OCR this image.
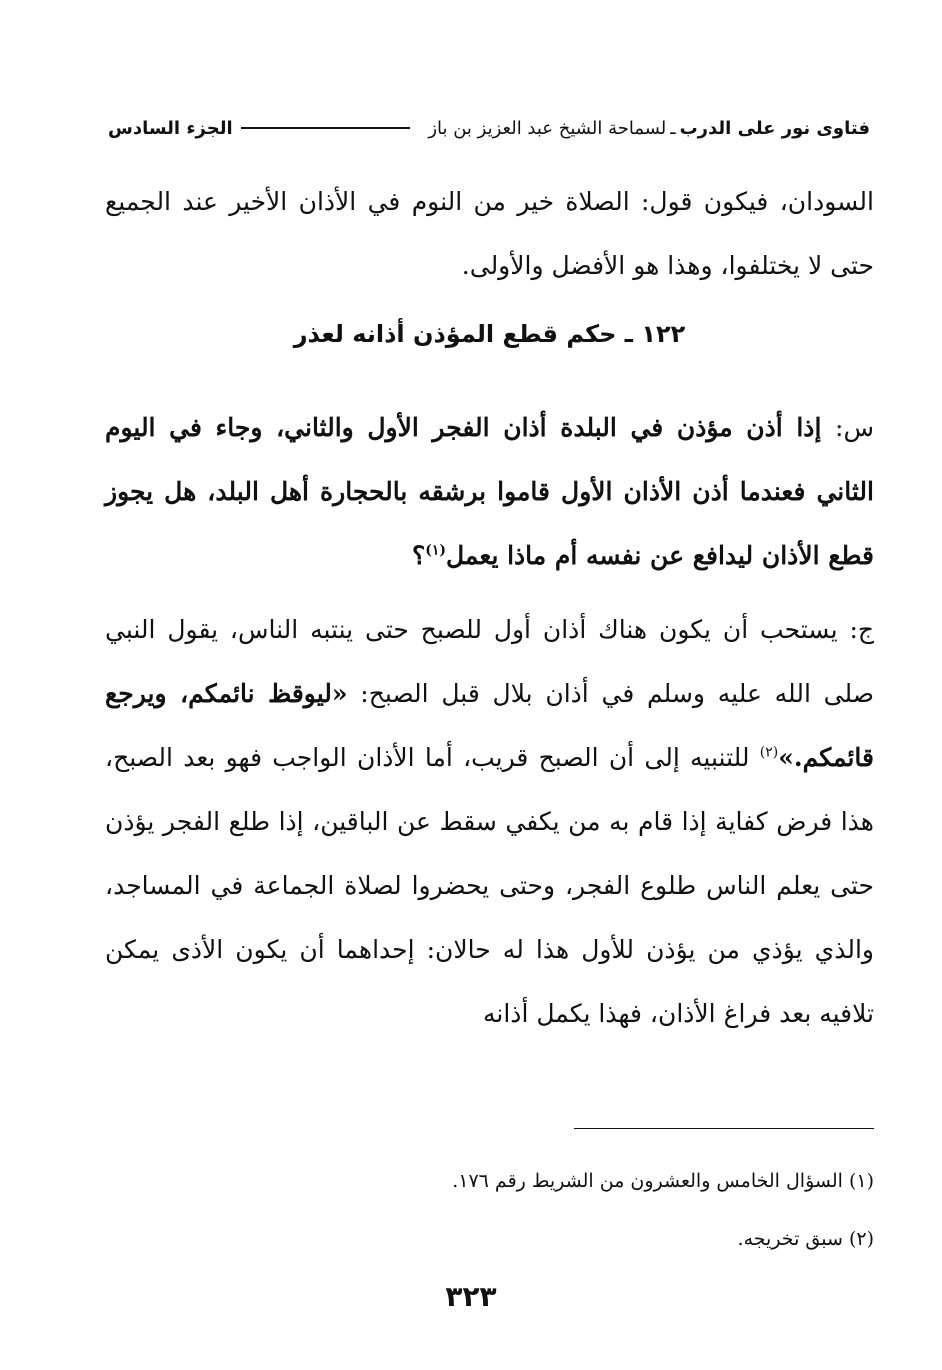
فتاوى نور على الدرب
ـ
لسماحة الشيخ عبد العزيز بن باز
الجزء السادس
السودان، فيكون قول: الصلاة خير من النوم في الأذان الأخير عند الجميع حتى لا يختلفوا، وهذا هو الأفضل والأولى.
١٢٢ ـ حكم قطع المؤذن أذانه لعذر
س: إذا أذن مؤذن في البلدة أذان الفجر الأول والثاني، وجاء في اليوم الثاني فعندما أذن الأذان الأول قاموا برشقه بالحجارة أهل البلد، هل يجوز قطع الأذان ليدافع عن نفسه أم ماذا يعمل$^{(١)}$؟
ج: يستحب أن يكون هناك أذان أول للصبح حتى ينتبه الناس، يقول النبي صلى الله عليه وسلم في أذان بلال قبل الصبح: «ليوقظ نائمكم، ويرجع قائمكم.»$^{(٢)}$ للتنبيه إلى أن الصبح قريب، أما الأذان الواجب فهو بعد الصبح، هذا فرض كفاية إذا قام به من يكفي سقط عن الباقين، إذا طلع الفجر يؤذن حتى يعلم الناس طلوع الفجر، وحتى يحضروا لصلاة الجماعة في المساجد، والذي يؤذي من يؤذن للأول هذا له حالان: إحداهما أن يكون الأذى يمكن تلافيه بعد فراغ الأذان، فهذا يكمل أذانه
(١) السؤال الخامس والعشرون من الشريط رقم ١٧٦.
(٢) سبق تخريجه.
٣٢٣
